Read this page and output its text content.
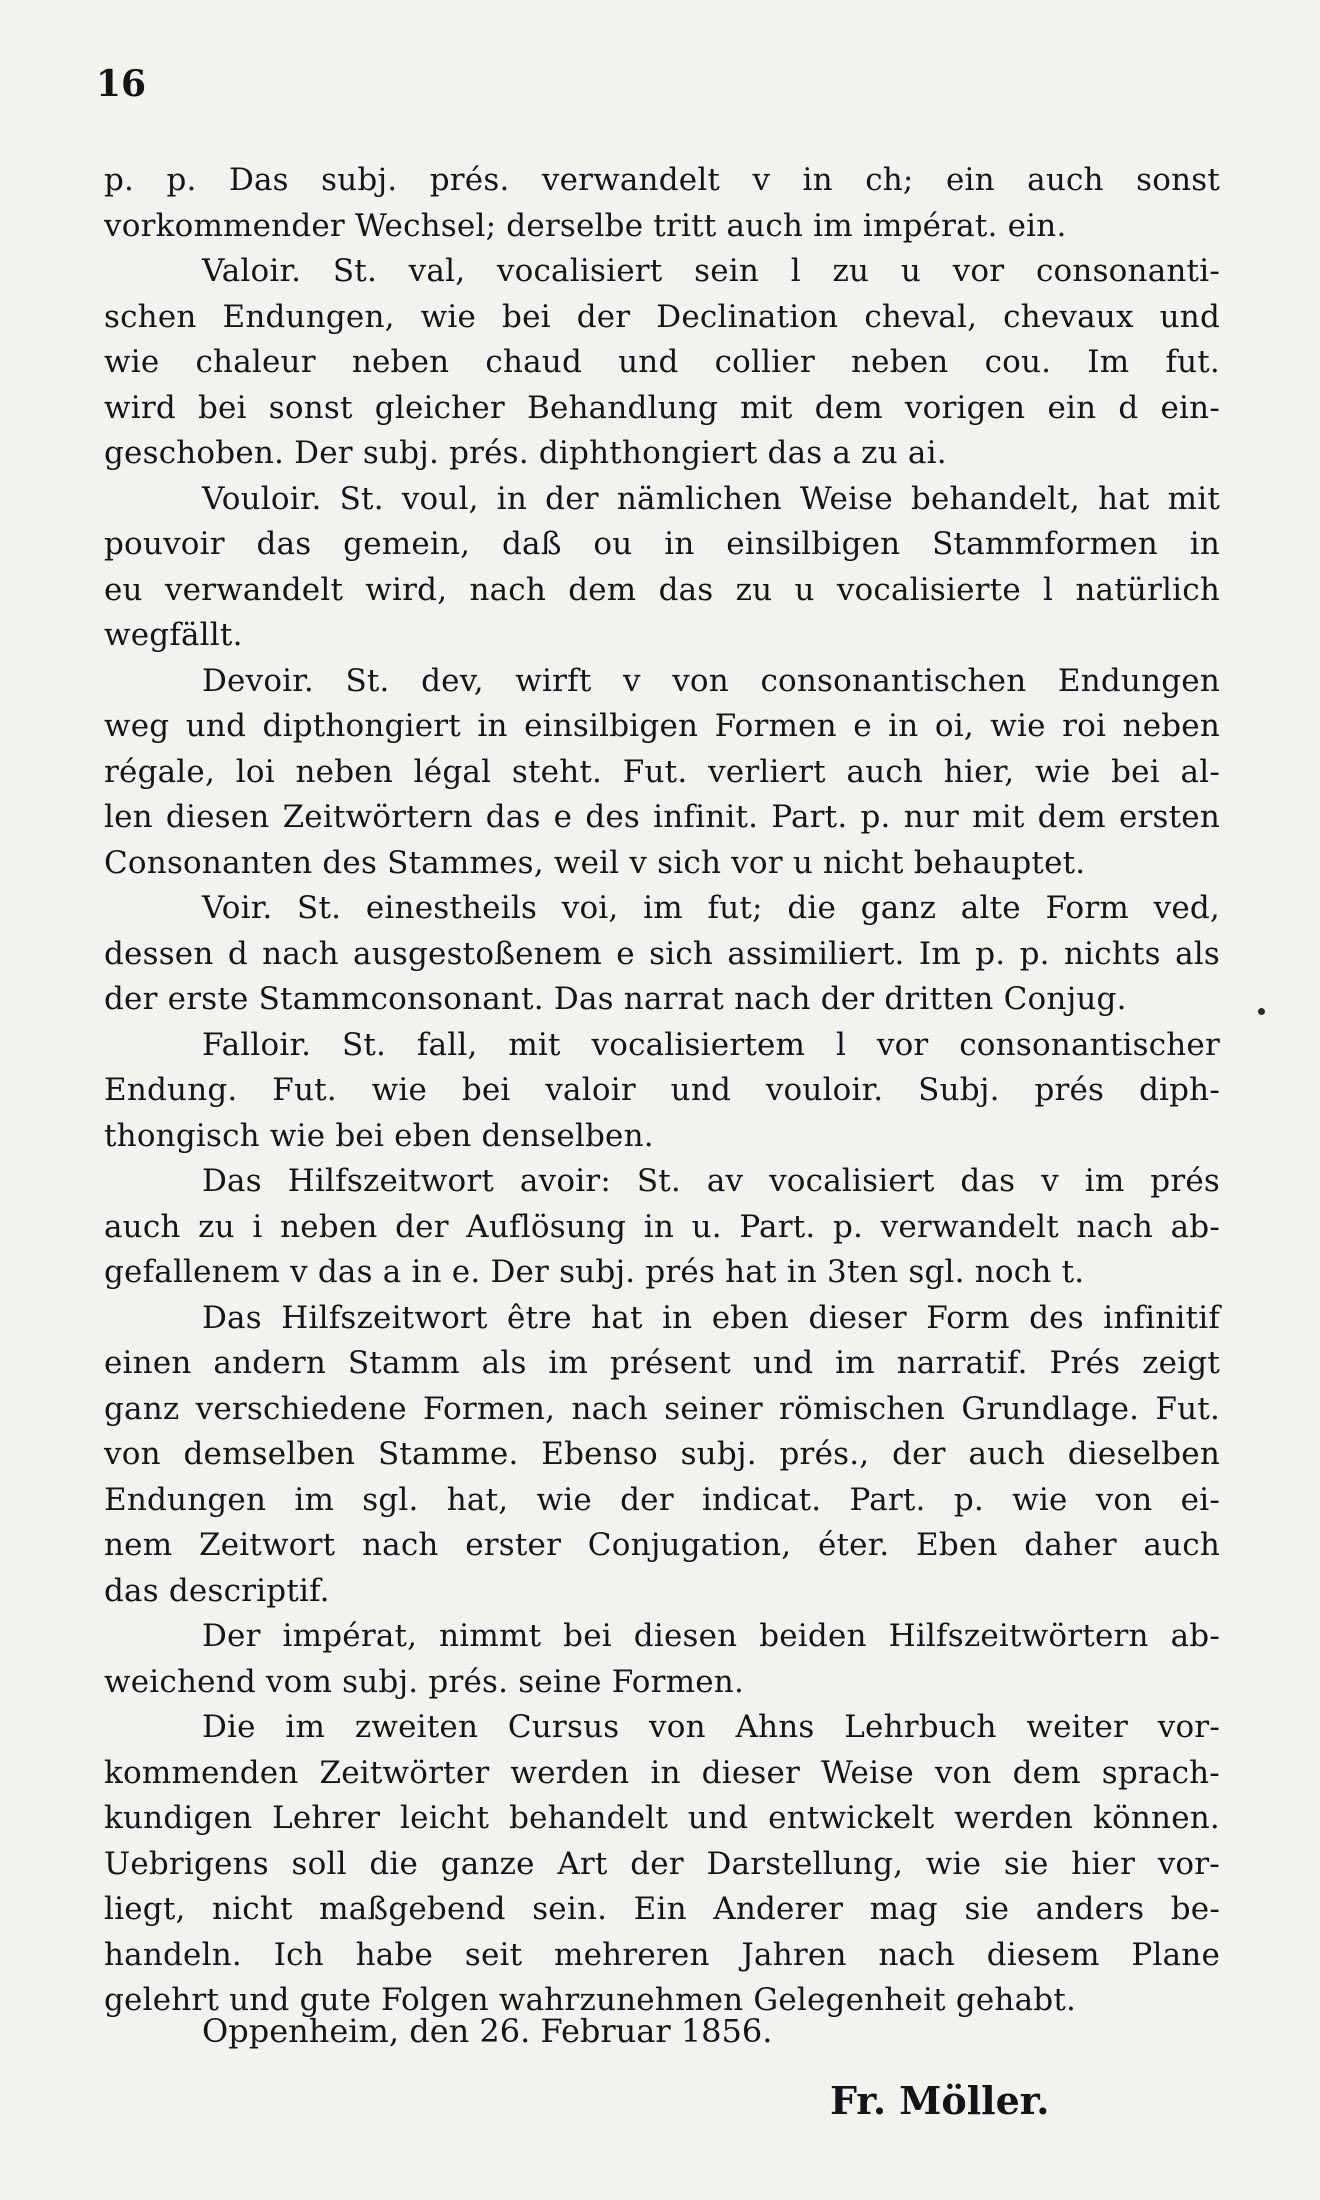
16
p. p. Das subj. prés. verwandelt v in ch; ein auch sonst
vorkommender Wechsel; derselbe tritt auch im impérat. ein.
Valoir. St. val, vocalisiert sein l zu u vor consonanti-
schen Endungen, wie bei der Declination cheval, chevaux und
wie chaleur neben chaud und collier neben cou. Im fut.
wird bei sonst gleicher Behandlung mit dem vorigen ein d ein-
geschoben. Der subj. prés. diphthongiert das a zu ai.
Vouloir. St. voul, in der nämlichen Weise behandelt, hat mit
pouvoir das gemein, daß ou in einsilbigen Stammformen in
eu verwandelt wird, nach dem das zu u vocalisierte l natürlich
wegfällt.
Devoir. St. dev, wirft v von consonantischen Endungen
weg und dipthongiert in einsilbigen Formen e in oi, wie roi neben
régale, loi neben légal steht. Fut. verliert auch hier, wie bei al-
len diesen Zeitwörtern das e des infinit. Part. p. nur mit dem ersten
Consonanten des Stammes, weil v sich vor u nicht behauptet.
Voir. St. einestheils voi, im fut; die ganz alte Form ved,
dessen d nach ausgestoßenem e sich assimiliert. Im p. p. nichts als
der erste Stammconsonant. Das narrat nach der dritten Conjug.
Falloir. St. fall, mit vocalisiertem l vor consonantischer
Endung. Fut. wie bei valoir und vouloir. Subj. prés diph-
thongisch wie bei eben denselben.
Das Hilfszeitwort avoir: St. av vocalisiert das v im prés
auch zu i neben der Auflösung in u. Part. p. verwandelt nach ab-
gefallenem v das a in e. Der subj. prés hat in 3ten sgl. noch t.
Das Hilfszeitwort être hat in eben dieser Form des infinitif
einen andern Stamm als im présent und im narratif. Prés zeigt
ganz verschiedene Formen, nach seiner römischen Grundlage. Fut.
von demselben Stamme. Ebenso subj. prés., der auch dieselben
Endungen im sgl. hat, wie der indicat. Part. p. wie von ei-
nem Zeitwort nach erster Conjugation, éter. Eben daher auch
das descriptif.
Der impérat, nimmt bei diesen beiden Hilfszeitwörtern ab-
weichend vom subj. prés. seine Formen.
Die im zweiten Cursus von Ahns Lehrbuch weiter vor-
kommenden Zeitwörter werden in dieser Weise von dem sprach-
kundigen Lehrer leicht behandelt und entwickelt werden können.
Uebrigens soll die ganze Art der Darstellung, wie sie hier vor-
liegt, nicht maßgebend sein. Ein Anderer mag sie anders be-
handeln. Ich habe seit mehreren Jahren nach diesem Plane
gelehrt und gute Folgen wahrzunehmen Gelegenheit gehabt.
Oppenheim, den 26. Februar 1856.
Fr. Möller.
